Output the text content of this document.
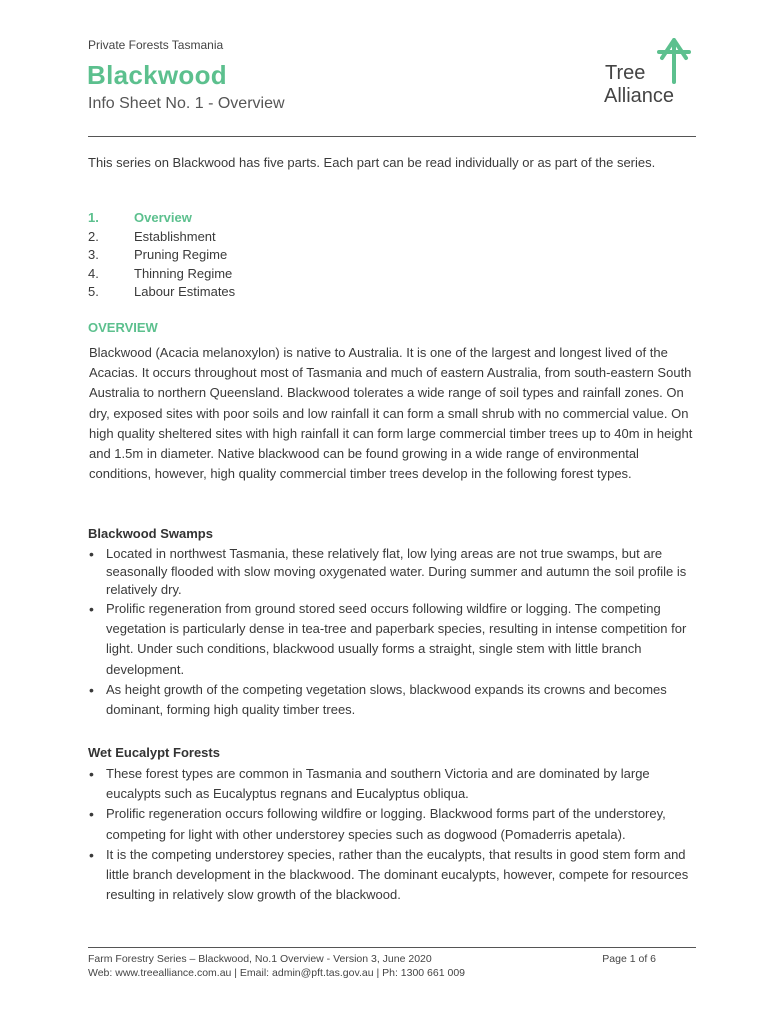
Private Forests Tasmania
Blackwood
Info Sheet No. 1 - Overview
Tree
Alliance
This series on Blackwood has five parts. Each part can be read individually or as part of the series.
1.	Overview
2.	Establishment
3.	Pruning Regime
4.	Thinning Regime
5.	Labour Estimates
OVERVIEW
Blackwood (Acacia melanoxylon) is native to Australia. It is one of the largest and longest lived of the Acacias. It occurs throughout most of Tasmania and much of eastern Australia, from south-eastern South Australia to northern Queensland. Blackwood tolerates a wide range of soil types and rainfall zones. On dry, exposed sites with poor soils and low rainfall it can form a small shrub with no commercial value. On high quality sheltered sites with high rainfall it can form large commercial timber trees up to 40m in height and 1.5m in diameter. Native blackwood can be found growing in a wide range of environmental conditions, however, high quality commercial timber trees develop in the following forest types.
Blackwood Swamps
• Located in northwest Tasmania, these relatively flat, low lying areas are not true swamps, but are seasonally flooded with slow moving oxygenated water. During summer and autumn the soil profile is relatively dry.
• Prolific regeneration from ground stored seed occurs following wildfire or logging. The competing vegetation is particularly dense in tea-tree and paperbark species, resulting in intense competition for light. Under such conditions, blackwood usually forms a straight, single stem with little branch development.
• As height growth of the competing vegetation slows, blackwood expands its crowns and becomes dominant, forming high quality timber trees.
Wet Eucalypt Forests
• These forest types are common in Tasmania and southern Victoria and are dominated by large eucalypts such as Eucalyptus regnans and Eucalyptus obliqua.
• Prolific regeneration occurs following wildfire or logging. Blackwood forms part of the understorey, competing for light with other understorey species such as dogwood (Pomaderris apetala).
• It is the competing understorey species, rather than the eucalypts, that results in good stem form and little branch development in the blackwood. The dominant eucalypts, however, compete for resources resulting in relatively slow growth of the blackwood.
Farm Forestry Series – Blackwood, No.1 Overview - Version 3, June 2020	Page 1 of 6
Web: www.treealliance.com.au | Email: admin@pft.tas.gov.au | Ph: 1300 661 009
